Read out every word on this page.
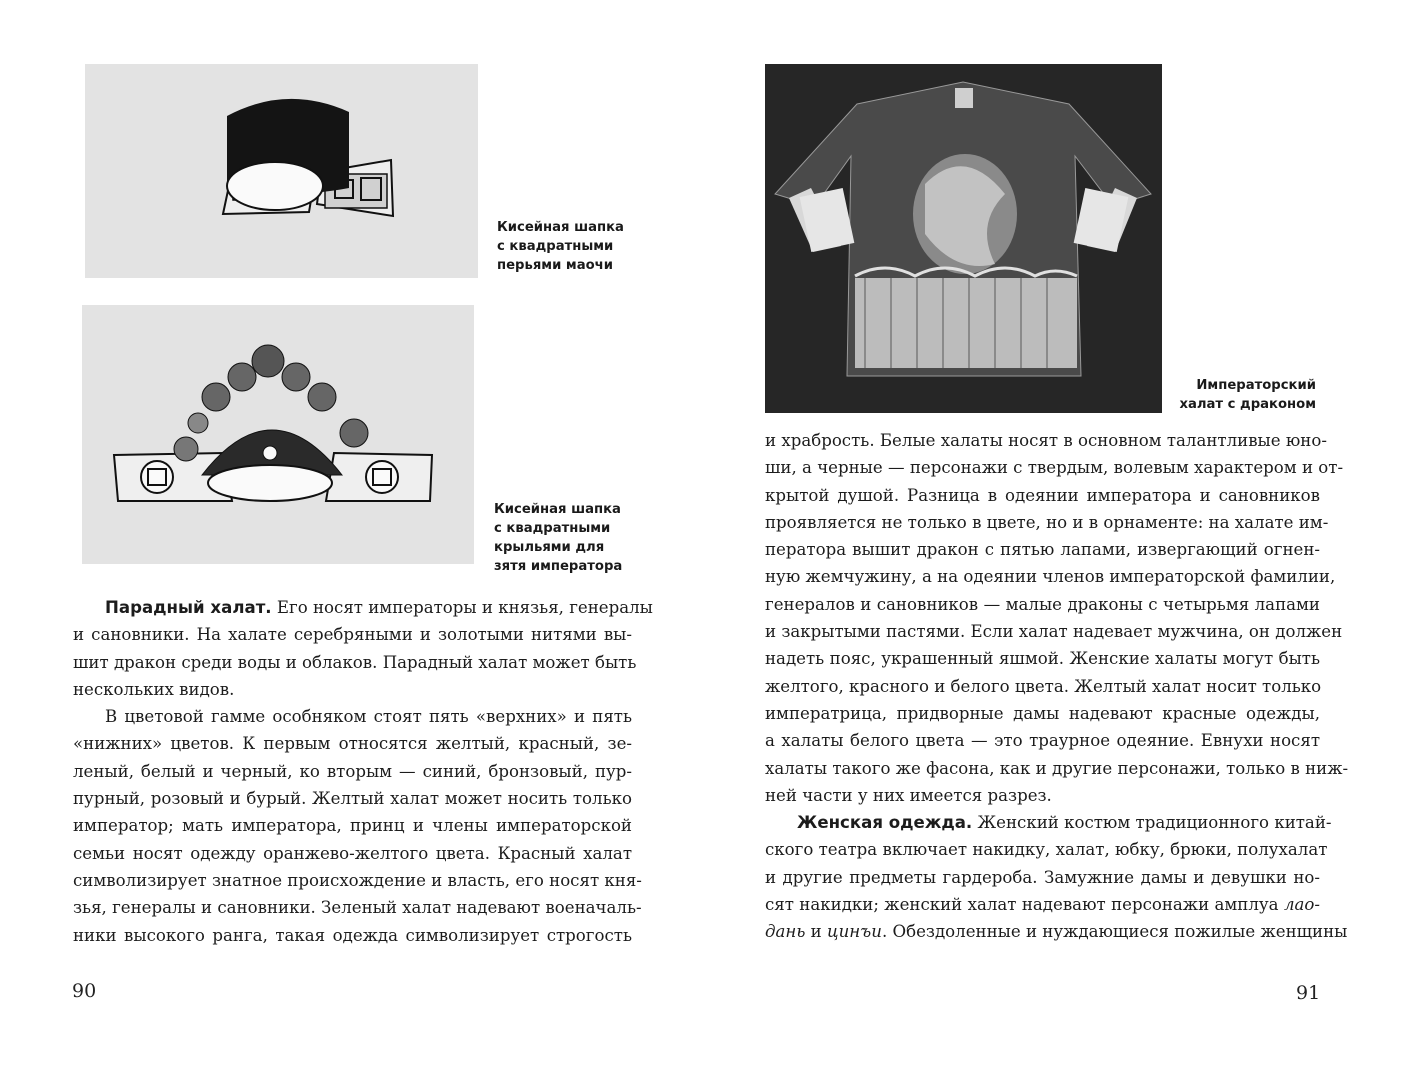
Кисейная шапка
с квадратными
перьями маочи
Кисейная шапка
с квадратными
крыльями для
зятя императора
Парадный халат. Его носят императоры и князья, генералы
и сановники. На халате серебряными и золотыми нитями вы-
шит дракон среди воды и облаков. Парадный халат может быть
нескольких видов.
В цветовой гамме особняком стоят пять «верхних» и пять
«нижних» цветов. К первым относятся желтый, красный, зе-
леный, белый и черный, ко вторым — синий, бронзовый, пур-
пурный, розовый и бурый. Желтый халат может носить только
император; мать императора, принц и члены императорской
семьи носят одежду оранжево-желтого цвета. Красный халат
символизирует знатное происхождение и власть, его носят кня-
зья, генералы и сановники. Зеленый халат надевают военачаль-
ники высокого ранга, такая одежда символизирует строгость
90
Императорский
халат с драконом
и храбрость. Белые халаты носят в основном талантливые юно-
ши, а черные — персонажи с твердым, волевым характером и от-
крытой душой. Разница в одеянии императора и сановников
проявляется не только в цвете, но и в орнаменте: на халате им-
ператора вышит дракон с пятью лапами, извергающий огнен-
ную жемчужину, а на одеянии членов императорской фамилии,
генералов и сановников — малые драконы с четырьмя лапами
и закрытыми пастями. Если халат надевает мужчина, он должен
надеть пояс, украшенный яшмой. Женские халаты могут быть
желтого, красного и белого цвета. Желтый халат носит только
императрица, придворные дамы надевают красные одежды,
а халаты белого цвета — это траурное одеяние. Евнухи носят
халаты такого же фасона, как и другие персонажи, только в ниж-
ней части у них имеется разрез.
Женская одежда. Женский костюм традиционного китай-
ского театра включает накидку, халат, юбку, брюки, полухалат
и другие предметы гардероба. Замужние дамы и девушки но-
сят накидки; женский халат надевают персонажи амплуа лао-
дань и цинъи. Обездоленные и нуждающиеся пожилые женщины
91
